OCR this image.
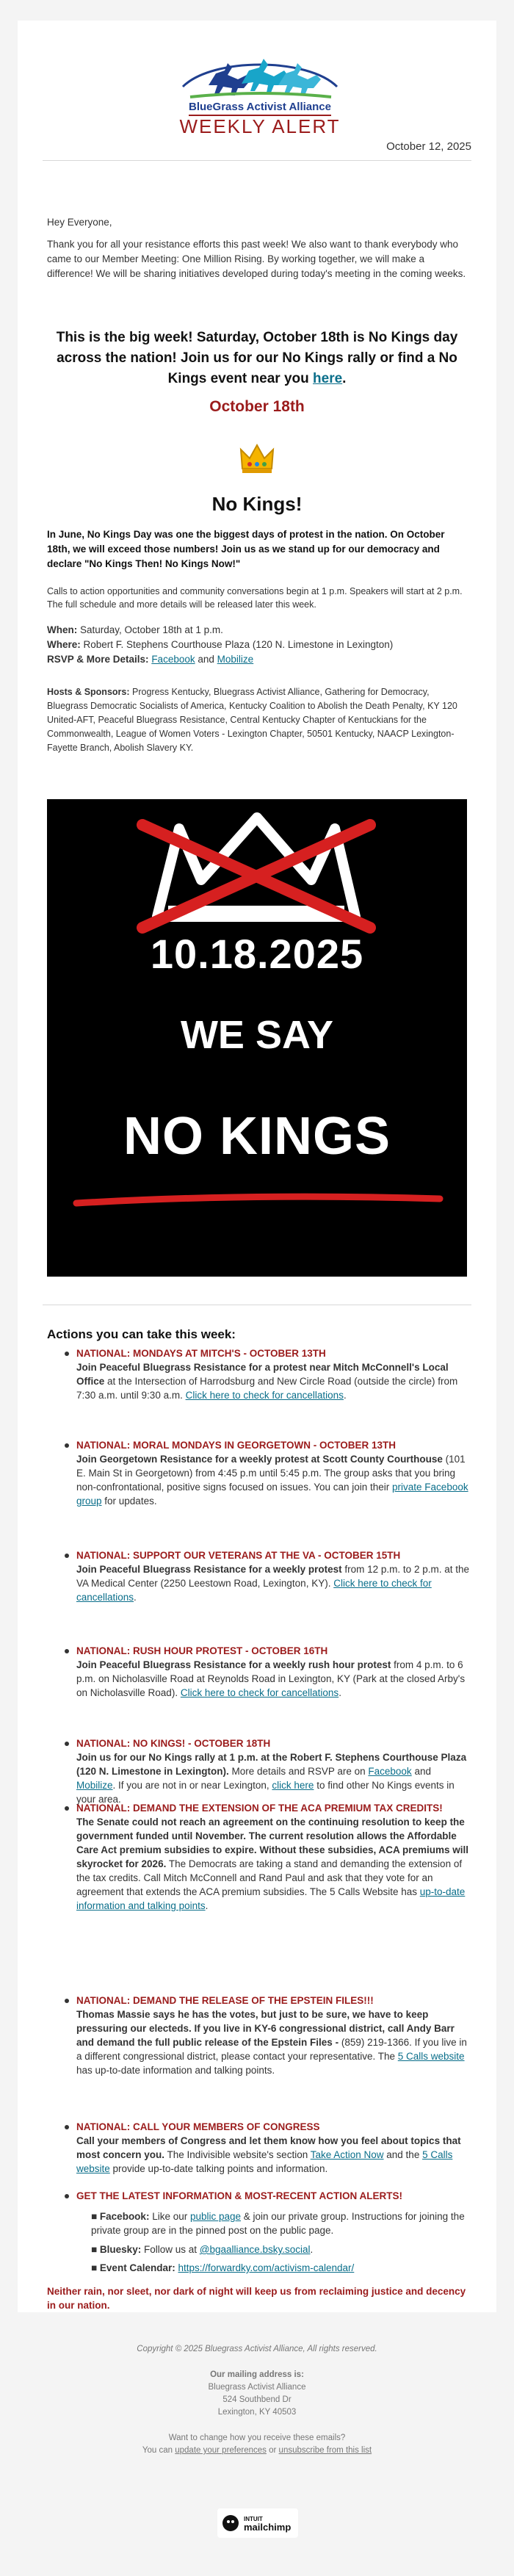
BlueGrass Activist Alliance
WEEKLY ALERT
October 12, 2025
Hey Everyone,
Thank you for all your resistance efforts this past week! We also want to thank everybody who came to our Member Meeting: One Million Rising. By working together, we will make a difference! We will be sharing initiatives developed during today's meeting in the coming weeks.
This is the big week! Saturday, October 18th is No Kings day across the nation! Join us for our No Kings rally or find a No Kings event near you here.
October 18th
No Kings!
In June, No Kings Day was one the biggest days of protest in the nation. On October 18th, we will exceed those numbers! Join us as we stand up for our democracy and declare "No Kings Then! No Kings Now!"
Calls to action opportunities and community conversations begin at 1 p.m. Speakers will start at 2 p.m. The full schedule and more details will be released later this week.
When: Saturday, October 18th at 1 p.m.
Where: Robert F. Stephens Courthouse Plaza (120 N. Limestone in Lexington)
RSVP & More Details: Facebook and Mobilize
Hosts & Sponsors: Progress Kentucky, Bluegrass Activist Alliance, Gathering for Democracy, Bluegrass Democratic Socialists of America, Kentucky Coalition to Abolish the Death Penalty, KY 120 United-AFT, Peaceful Bluegrass Resistance, Central Kentucky Chapter of Kentuckians for the Commonwealth, League of Women Voters - Lexington Chapter, 50501 Kentucky, NAACP Lexington-Fayette Branch, Abolish Slavery KY.
10.18.2025
WE SAY
NO KINGS
Actions you can take this week:
NATIONAL: MONDAYS AT MITCH'S - OCTOBER 13TH
Join Peaceful Bluegrass Resistance for a protest near Mitch McConnell's Local Office at the Intersection of Harrodsburg and New Circle Road (outside the circle) from 7:30 a.m. until 9:30 a.m. Click here to check for cancellations.
NATIONAL: MORAL MONDAYS IN GEORGETOWN - OCTOBER 13TH
Join Georgetown Resistance for a weekly protest at Scott County Courthouse (101 E. Main St in Georgetown) from 4:45 p.m until 5:45 p.m. The group asks that you bring non-confrontational, positive signs focused on issues. You can join their private Facebook group for updates.
NATIONAL: SUPPORT OUR VETERANS AT THE VA - OCTOBER 15TH
Join Peaceful Bluegrass Resistance for a weekly protest from 12 p.m. to 2 p.m. at the VA Medical Center (2250 Leestown Road, Lexington, KY). Click here to check for cancellations.
NATIONAL: RUSH HOUR PROTEST - OCTOBER 16TH
Join Peaceful Bluegrass Resistance for a weekly rush hour protest from 4 p.m. to 6 p.m. on Nicholasville Road at Reynolds Road in Lexington, KY (Park at the closed Arby's on Nicholasville Road). Click here to check for cancellations.
NATIONAL: NO KINGS! - OCTOBER 18TH
Join us for our No Kings rally at 1 p.m. at the Robert F. Stephens Courthouse Plaza (120 N. Limestone in Lexington). More details and RSVP are on Facebook and Mobilize. If you are not in or near Lexington, click here to find other No Kings events in your area.
NATIONAL: DEMAND THE EXTENSION OF THE ACA PREMIUM TAX CREDITS!
The Senate could not reach an agreement on the continuing resolution to keep the government funded until November. The current resolution allows the Affordable Care Act premium subsidies to expire. Without these subsidies, ACA premiums will skyrocket for 2026. The Democrats are taking a stand and demanding the extension of the tax credits. Call Mitch McConnell and Rand Paul and ask that they vote for an agreement that extends the ACA premium subsidies. The 5 Calls Website has up-to-date information and talking points.
NATIONAL: DEMAND THE RELEASE OF THE EPSTEIN FILES!!!
Thomas Massie says he has the votes, but just to be sure, we have to keep pressuring our electeds. If you live in KY-6 congressional district, call Andy Barr and demand the full public release of the Epstein Files - (859) 219-1366. If you live in a different congressional district, please contact your representative. The 5 Calls website has up-to-date information and talking points.
NATIONAL: CALL YOUR MEMBERS OF CONGRESS
Call your members of Congress and let them know how you feel about topics that most concern you. The Indivisible website's section Take Action Now and the 5 Calls website provide up-to-date talking points and information.
GET THE LATEST INFORMATION & MOST-RECENT ACTION ALERTS!
■ Facebook: Like our public page & join our private group. Instructions for joining the private group are in the pinned post on the public page.
■ Bluesky: Follow us at @bgaalliance.bsky.social.
■ Event Calendar: https://forwardky.com/activism-calendar/
Neither rain, nor sleet, nor dark of night will keep us from reclaiming justice and decency in our nation.
Copyright © 2025 Bluegrass Activist Alliance, All rights reserved.
Our mailing address is:
Bluegrass Activist Alliance
524 Southbend Dr
Lexington, KY 40503
Want to change how you receive these emails?
You can update your preferences or unsubscribe from this list
INTUIT
mailchimp
